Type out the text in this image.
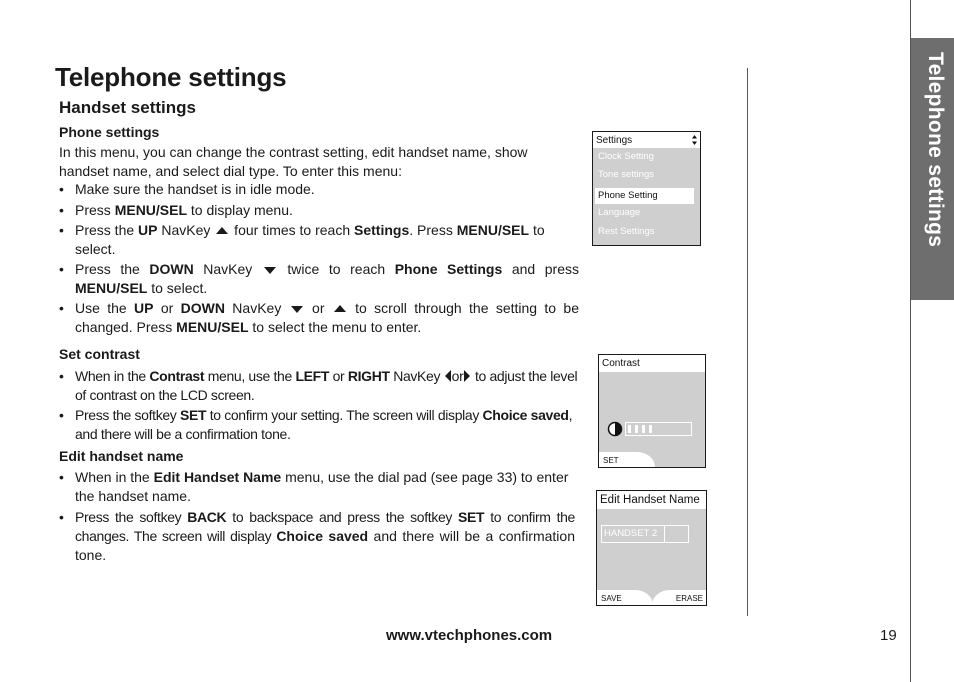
Telephone settings
Handset settings
Phone settings
In this menu, you can change the contrast setting, edit handset name, show handset name, and select dial type. To enter this menu:
• Make sure the handset is in idle mode.
• Press MENU/SEL to display menu.
• Press the UP NavKey  four times to reach Settings. Press MENU/SEL to select.
• Press the DOWN NavKey  twice to reach Phone Settings and press MENU/SEL to select.
• Use the UP or DOWN NavKey  or  to scroll through the setting to be changed. Press MENU/SEL to select the menu to enter.
Set contrast
• When in the Contrast menu, use the LEFT or RIGHT NavKey or to adjust the level of contrast on the LCD screen.
• Press the softkey SET to confirm your setting. The screen will display Choice saved, and there will be a confirmation tone.
Edit handset name
• When in the Edit Handset Name menu, use the dial pad (see page 33) to enter the handset name.
• Press the softkey BACK to backspace and press the softkey SET to confirm the changes. The screen will display Choice saved and there will be a confirmation tone.
Settings
Clock Setting
Tone settings
Phone Setting
Language
Rest Settings
Contrast
SET
Edit Handset Name
HANDSET 2
SAVE	ERASE
Telephone settings
www.vtechphones.com	19
